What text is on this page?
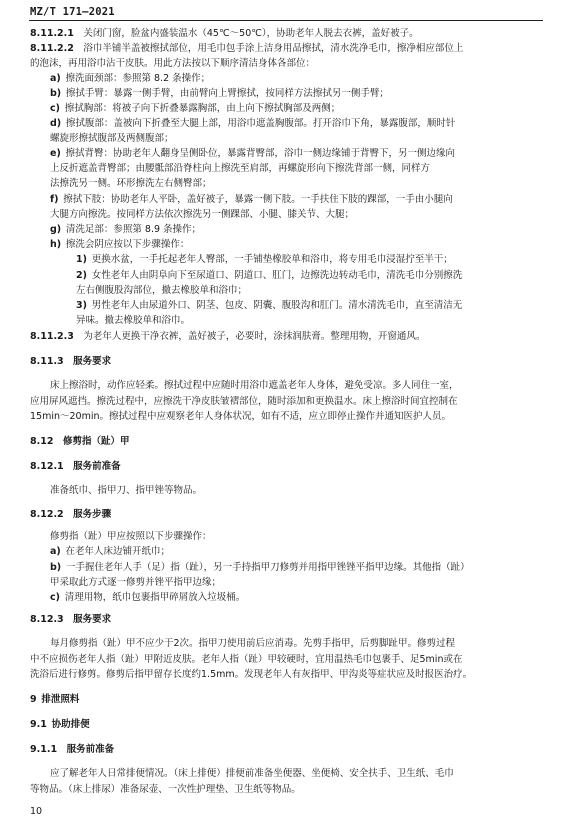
MZ/T 171—2021
8.11.2.1   关闭门窗，脸盆内盛装温水（45℃～50℃），协助老年人脱去衣裤，盖好被子。
8.11.2.2   浴巾半铺半盖被擦拭部位，用毛巾包手涂上洁身用品擦拭，清水洗净毛巾，擦净相应部位上
的泡沫，再用浴巾沾干皮肤。用此方法按以下顺序清洁身体各部位：
a)  擦洗面颈部：参照第 8.2 条操作；
b)  擦拭手臂：暴露一侧手臂，由前臂向上臂擦拭，按同样方法擦拭另一侧手臂；
c)  擦拭胸部：将被子向下折叠暴露胸部，由上向下擦拭胸部及两侧；
d)  擦拭腹部：盖被向下折叠至大腿上部，用浴巾遮盖胸腹部。打开浴巾下角，暴露腹部，顺时针
螺旋形擦拭腹部及两侧腹部；
e)  擦拭背臀：协助老年人翻身呈侧卧位，暴露背臀部，浴巾一侧边缘铺于背臀下，另一侧边缘向
上反折遮盖背臀部；由腰骶部沿脊柱向上擦洗至肩部，再螺旋形向下擦洗背部一侧，同样方
法擦洗另一侧。环形擦洗左右侧臀部；
f)  擦拭下肢：协助老年人平卧，盖好被子，暴露一侧下肢。一手扶住下肢的踝部，一手由小腿向
大腿方向擦洗。按同样方法依次擦洗另一侧踝部、小腿、膝关节、大腿；
g)  清洗足部：参照第 8.9 条操作；
h)  擦洗会阴应按以下步骤操作：
1)  更换水盆，一手托起老年人臀部，一手铺垫橡胶单和浴巾，将专用毛巾浸湿拧至半干；
2)  女性老年人由阴阜向下至尿道口、阴道口、肛门，边擦洗边转动毛巾，清洗毛巾分别擦洗
左右侧腹股沟部位，撤去橡胶单和浴巾；
3)  男性老年人由尿道外口、阴茎、包皮、阴囊、腹股沟和肛门。清水清洗毛巾，直至清洁无
异味。撤去橡胶单和浴巾。
8.11.2.3   为老年人更换干净衣裤，盖好被子，必要时，涂抹润肤膏。整理用物，开窗通风。
8.11.3   服务要求
床上擦浴时，动作应轻柔。擦拭过程中应随时用浴巾遮盖老年人身体，避免受凉。多人同住一室，
应用屏风遮挡。擦洗过程中，应擦洗干净皮肤皱褶部位，随时添加和更换温水。床上擦浴时间宜控制在
15min～20min。擦拭过程中应观察老年人身体状况，如有不适，应立即停止操作并通知医护人员。
8.12   修剪指（趾）甲
8.12.1   服务前准备
准备纸巾、指甲刀、指甲锉等物品。
8.12.2   服务步骤
修剪指（趾）甲应按照以下步骤操作：
a)  在老年人床边铺开纸巾；
b)  一手握住老年人手（足）指（趾），另一手持指甲刀修剪并用指甲锉锉平指甲边缘。其他指（趾）
甲采取此方式逐一修剪并锉平指甲边缘；
c)  清理用物，纸巾包裹指甲碎屑放入垃圾桶。
8.12.3   服务要求
每月修剪指（趾）甲不应少于2次。指甲刀使用前后应消毒。先剪手指甲，后剪脚趾甲。修剪过程
中不应损伤老年人指（趾）甲附近皮肤。老年人指（趾）甲较硬时，宜用温热毛巾包裹手、足5min或在
洗浴后进行修剪。修剪后指甲留存长度约1.5mm。发现老年人有灰指甲、甲沟炎等症状应及时报医治疗。
9  排泄照料
9.1  协助排便
9.1.1   服务前准备
应了解老年人日常排便情况。（床上排便）排便前准备坐便器、坐便椅、安全扶手、卫生纸、毛巾
等物品。（床上排尿）准备尿壶、一次性护理垫、卫生纸等物品。
10
